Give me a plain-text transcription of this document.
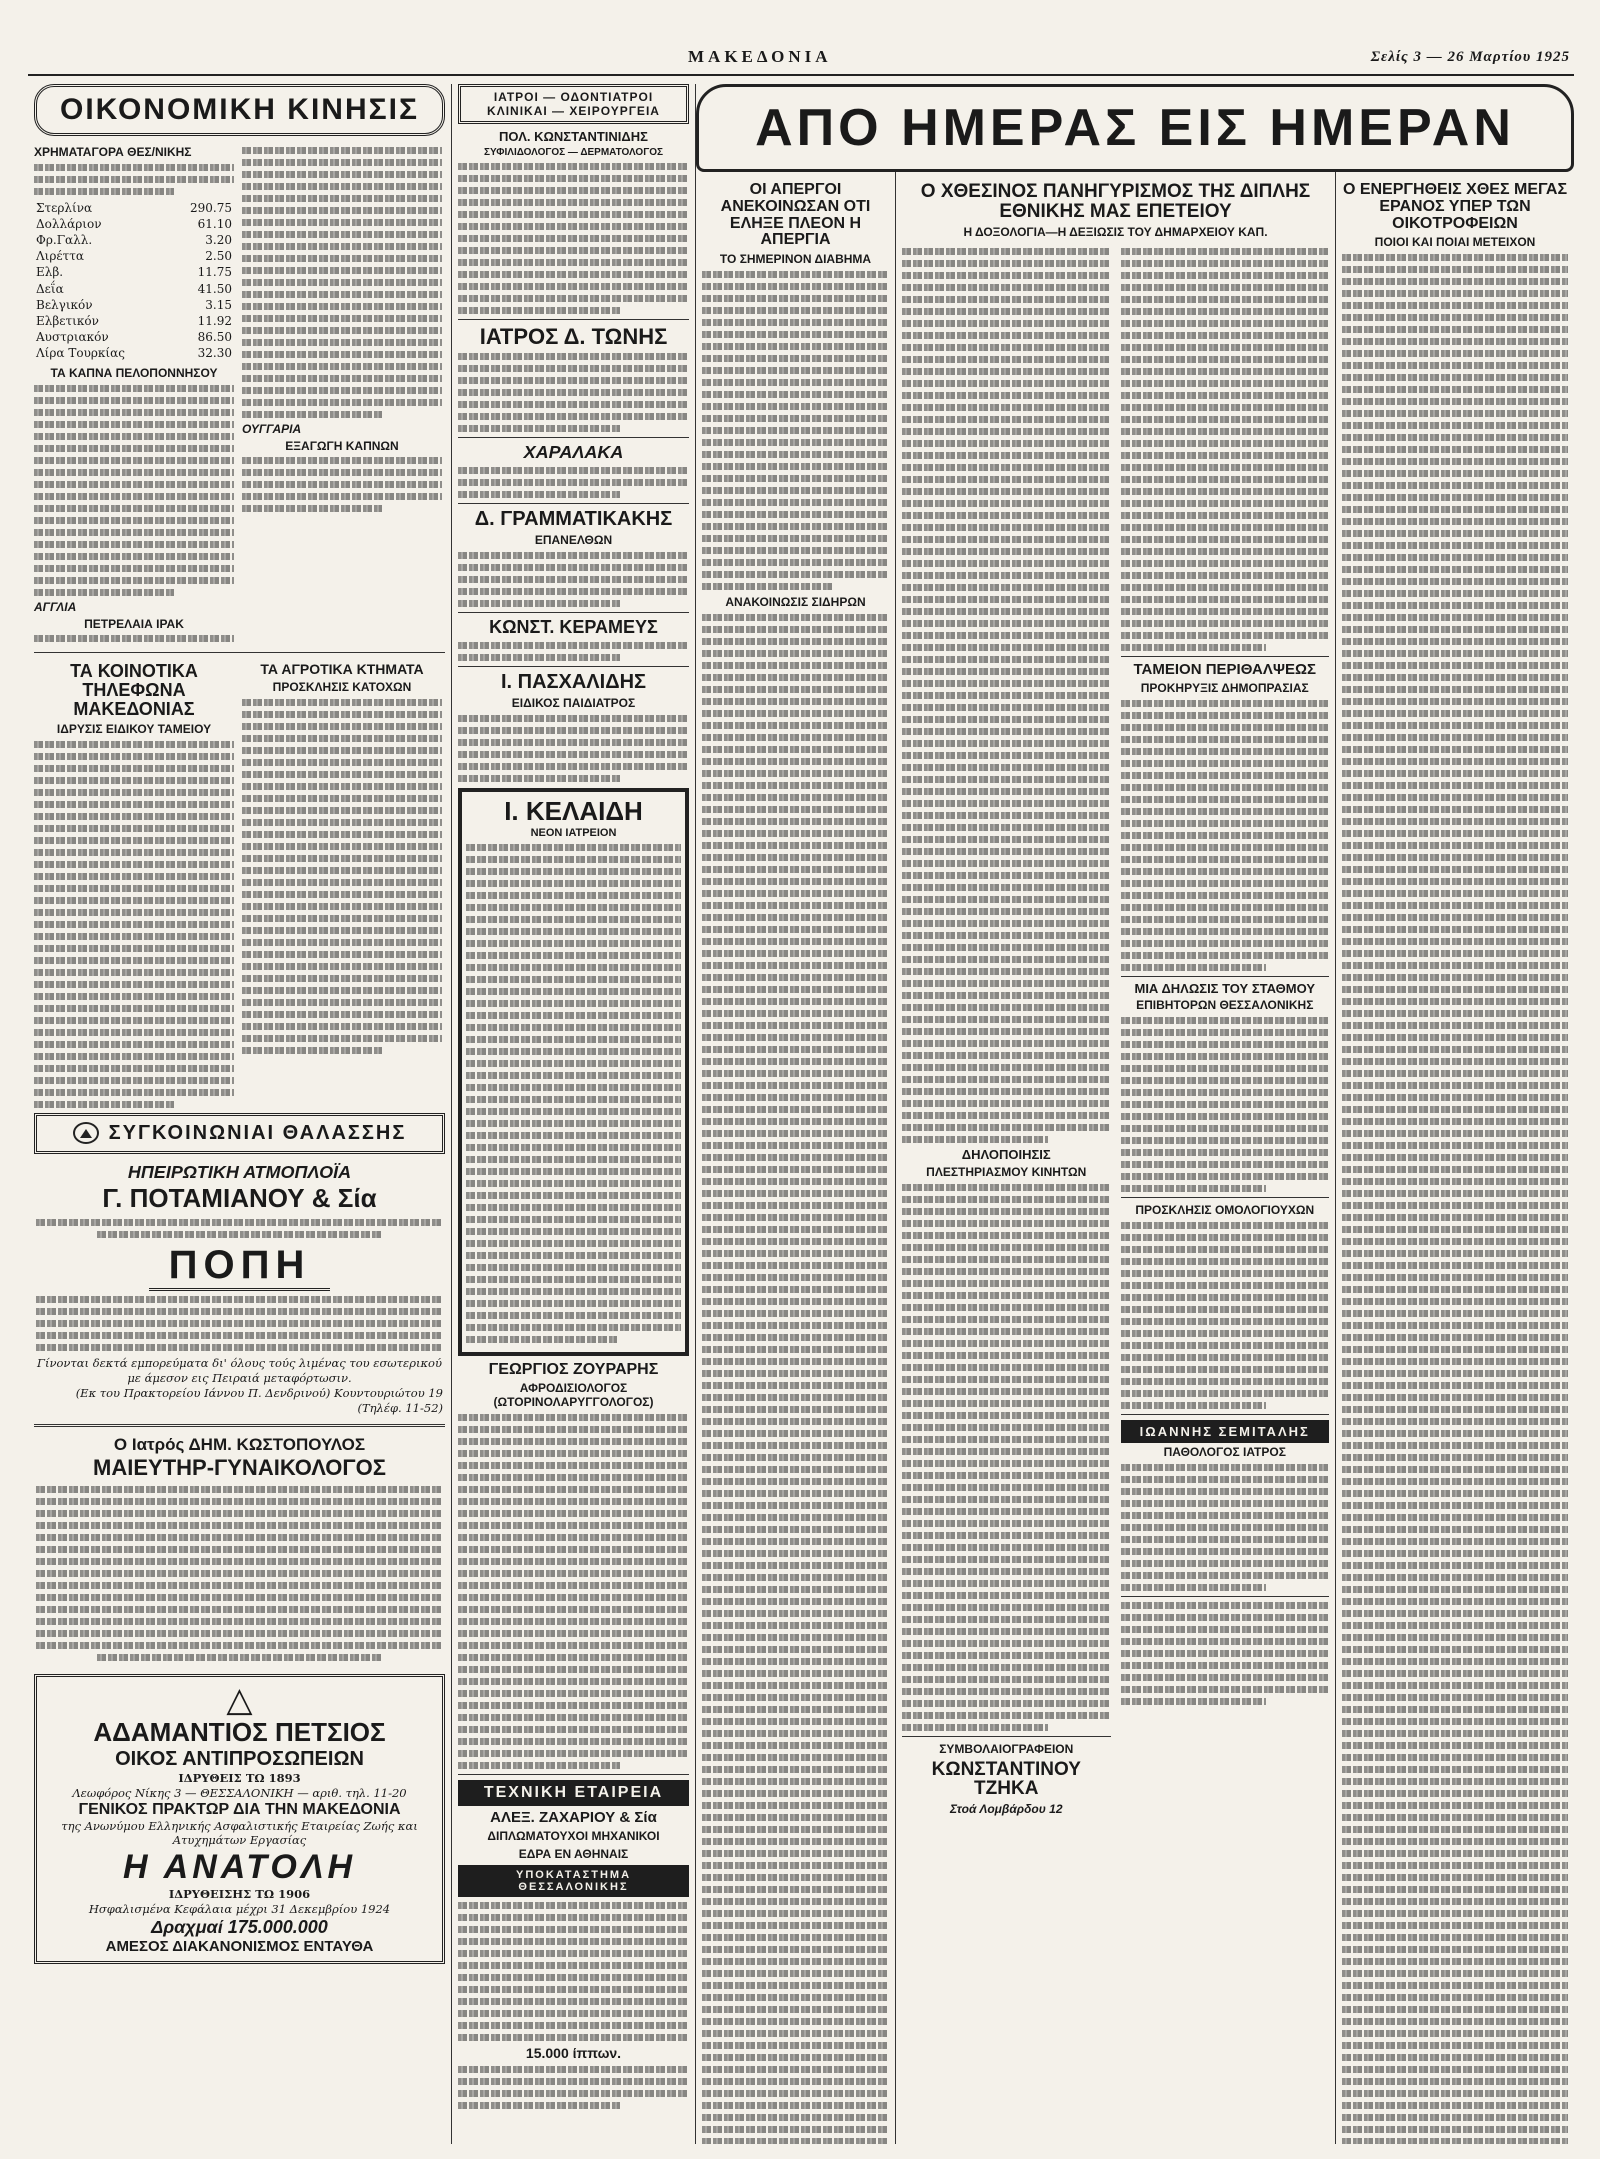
ΜΑΚΕΔΟΝΙΑ	Σελίς 3 — 26 Μαρτίου 1925
ΟΙΚΟΝΟΜΙΚΗ ΚΙΝΗΣΙΣ
ΧΡΗΜΑΤΑΓΟΡΑ ΘΕΣ/ΝΙΚΗΣ
Στερλίνα	290.75
Δολλάριον	61.10
Φρ.Γαλλ.	3.20
Λιρέττα	2.50
Ελβ.	11.75
Δεΐα	41.50
Βελγικόν	3.15
Ελβετικόν	11.92
Αυστριακόν	86.50
Λίρα Τουρκίας	32.30
ΤΑ ΚΑΠΝΑ ΠΕΛΟΠΟΝΝΗΣΟΥ
ΑΓΓΛΙΑ
ΠΕΤΡΕΛΑΙΑ ΙΡΑΚ
ΟΥΓΓΑΡΙΑ
ΕΞΑΓΩΓΗ ΚΑΠΝΩΝ
ΤΑ ΚΟΙΝΟΤΙΚΑ ΤΗΛΕΦΩΝΑ ΜΑΚΕΔΟΝΙΑΣ
ΙΔΡΥΣΙΣ ΕΙΔΙΚΟΥ ΤΑΜΕΙΟΥ
ΤΑ ΑΓΡΟΤΙΚΑ ΚΤΗΜΑΤΑ
ΠΡΟΣΚΛΗΣΙΣ ΚΑΤΟΧΩΝ
ΣΥΓΚΟΙΝΩΝΙΑΙ ΘΑΛΑΣΣΗΣ
ΗΠΕΙΡΩΤΙΚΗ ΑΤΜΟΠΛΟΪΑ
Γ. ΠΟΤΑΜΙΑΝΟΥ & Σία
ΠΟΠΗ
Γίνονται δεκτά εμπορεύματα δι' όλους τούς λιμένας του εσωτερικού με άμεσον εις Πειραιά μεταφόρτωσιν.
(Εκ του Πρακτορείου Ιάννου Π. Δενδρινού) Κουντουριώτου 19 (Τηλέφ. 11-52)
Ο Ιατρός ΔΗΜ. ΚΩΣΤΟΠΟΥΛΟΣ
ΜΑΙΕΥΤΗΡ-ΓΥΝΑΙΚΟΛΟΓΟΣ
△
ΑΔΑΜΑΝΤΙΟΣ ΠΕΤΣΙΟΣ
ΟΙΚΟΣ ΑΝΤΙΠΡΟΣΩΠΕΙΩΝ
ΙΔΡΥΘΕΙΣ ΤΩ 1893
Λεωφόρος Νίκης 3 — ΘΕΣΣΑΛΟΝΙΚΗ — αριθ. τηλ. 11-20
ΓΕΝΙΚΟΣ ΠΡΑΚΤΩΡ ΔΙΑ ΤΗΝ ΜΑΚΕΔΟΝΙΑ
της Ανωνύμου Ελληνικής Ασφαλιστικής Εταιρείας Ζωής και Ατυχημάτων Εργασίας
Η ΑΝΑΤΟΛΗ
ΙΔΡΥΘΕΙΣΗΣ ΤΩ 1906
Ησφαλισμένα Κεφάλαια μέχρι 31 Δεκεμβρίου 1924
Δραχμαί 175.000.000
ΑΜΕΣΟΣ ΔΙΑΚΑΝΟΝΙΣΜΟΣ ΕΝΤΑΥΘΑ
ΙΑΤΡΟΙ — ΟΔΟΝΤΙΑΤΡΟΙ ΚΛΙΝΙΚΑΙ — ΧΕΙΡΟΥΡΓΕΙΑ
ΠΟΛ. ΚΩΝΣΤΑΝΤΙΝΙΔΗΣ
ΣΥΦΙΛΙΔΟΛΟΓΟΣ — ΔΕΡΜΑΤΟΛΟΓΟΣ
ΙΑΤΡΟΣ Δ. ΤΩΝΗΣ
ΧΑΡΑΛΑΚΑ
Δ. ΓΡΑΜΜΑΤΙΚΑΚΗΣ
ΕΠΑΝΕΛΘΩΝ
ΚΩΝΣΤ. ΚΕΡΑΜΕΥΣ
Ι. ΠΑΣΧΑΛΙΔΗΣ
ΕΙΔΙΚΟΣ ΠΑΙΔΙΑΤΡΟΣ
Ι. ΚΕΛΑΙΔΗ
ΝΕΟΝ ΙΑΤΡΕΙΟΝ
ΓΕΩΡΓΙΟΣ ΖΟΥΡΑΡΗΣ
ΑΦΡΟΔΙΣΙΟΛΟΓΟΣ (ΩΤΟΡΙΝΟΛΑΡΥΓΓΟΛΟΓΟΣ)
ΤΕΧΝΙΚΗ ΕΤΑΙΡΕΙΑ
ΑΛΕΞ. ΖΑΧΑΡΙΟΥ & Σία
ΔΙΠΛΩΜΑΤΟΥΧΟΙ ΜΗΧΑΝΙΚΟΙ
ΕΔΡΑ ΕΝ ΑΘΗΝΑΙΣ
ΥΠΟΚΑΤΑΣΤΗΜΑ ΘΕΣΣΑΛΟΝΙΚΗΣ
15.000 ίππων.
ΑΠΟ ΗΜΕΡΑΣ ΕΙΣ ΗΜΕΡΑΝ
ΟΙ ΑΠΕΡΓΟΙ ΑΝΕΚΟΙΝΩΣΑΝ ΟΤΙ ΕΛΗΞΕ ΠΛΕΟΝ Η ΑΠΕΡΓΙΑ
ΤΟ ΣΗΜΕΡΙΝΟΝ ΔΙΑΒΗΜΑ
ΑΝΑΚΟΙΝΩΣΙΣ ΣΙΔΗΡΩΝ
Ο ΧΘΕΣΙΝΟΣ ΠΑΝΗΓΥΡΙΣΜΟΣ ΤΗΣ ΔΙΠΛΗΣ ΕΘΝΙΚΗΣ ΜΑΣ ΕΠΕΤΕΙΟΥ
Η ΔΟΞΟΛΟΓΙΑ—Η ΔΕΞΙΩΣΙΣ ΤΟΥ ΔΗΜΑΡΧΕΙΟΥ ΚΑΠ.
ΔΗΛΟΠΟΙΗΣΙΣ
ΠΛΕΣΤΗΡΙΑΣΜΟΥ ΚΙΝΗΤΩΝ
ΣΥΜΒΟΛΑΙΟΓΡΑΦΕΙΟΝ
ΚΩΝΣΤΑΝΤΙΝΟΥ ΤΖΗΚΑ
Στοά Λομβάρδου 12
ΤΑΜΕΙΟΝ ΠΕΡΙΘΑΛΨΕΩΣ
ΠΡΟΚΗΡΥΞΙΣ ΔΗΜΟΠΡΑΣΙΑΣ
ΜΙΑ ΔΗΛΩΣΙΣ ΤΟΥ ΣΤΑΘΜΟΥ
ΕΠΙΒΗΤΟΡΩΝ ΘΕΣΣΑΛΟΝΙΚΗΣ
ΠΡΟΣΚΛΗΣΙΣ ΟΜΟΛΟΓΙΟΥΧΩΝ
ΙΩΑΝΝΗΣ ΣΕΜΙΤΑΛΗΣ
ΠΑΘΟΛΟΓΟΣ ΙΑΤΡΟΣ
Ο ΕΝΕΡΓΗΘΕΙΣ ΧΘΕΣ ΜΕΓΑΣ ΕΡΑΝΟΣ ΥΠΕΡ ΤΩΝ ΟΙΚΟΤΡΟΦΕΙΩΝ
ΠΟΙΟΙ ΚΑΙ ΠΟΙΑΙ ΜΕΤΕΙΧΟΝ
